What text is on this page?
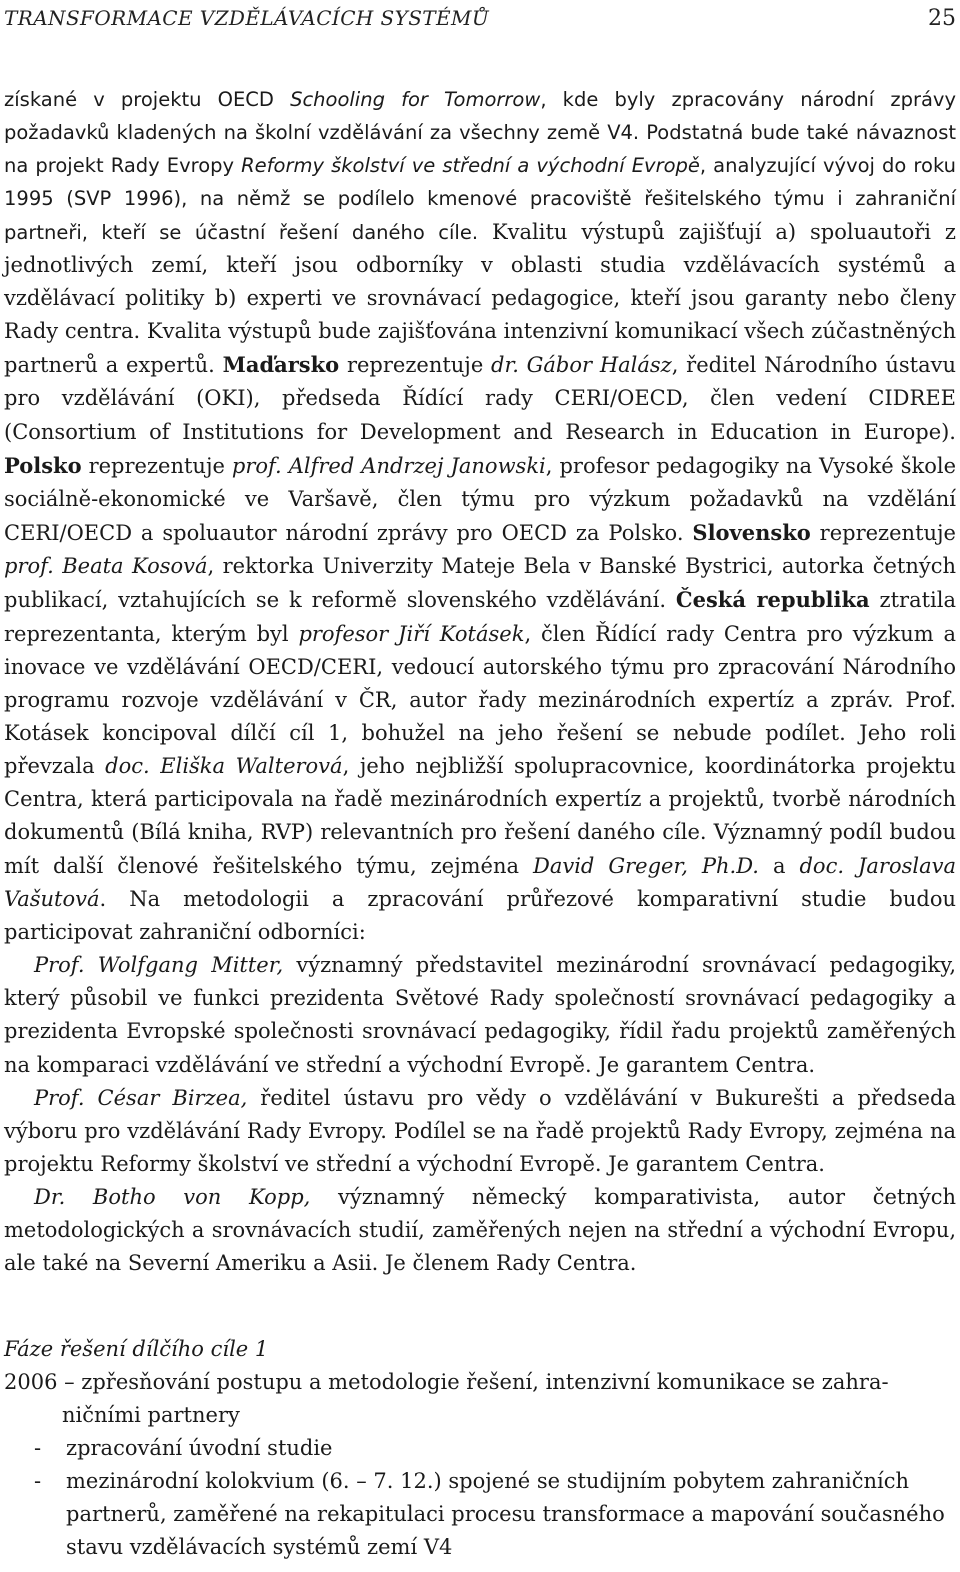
TRANSFORMACE VZDĚLÁVACÍCH SYSTÉMŮ	25

získané v projektu OECD Schooling for Tomorrow, kde byly zpracovány národní zprávy požadavků kladených na školní vzdělávání za všechny země V4. Podstatná bude také návaznost na projekt Rady Evropy Reformy školství ve střední a východní Evropě, analyzující vývoj do roku 1995 (SVP 1996), na němž se podílelo kmenové pracoviště řešitelského týmu i zahraniční partneři, kteří se účastní řešení daného cíle. Kvalitu výstupů zajišťují a) spoluautoři z jednotlivých zemí, kteří jsou odborníky v oblasti studia vzdělávacích systémů a vzdělávací politiky b) experti ve srovnávací pedagogice, kteří jsou garanty nebo členy Rady centra. Kvalita výstupů bude zajišťována intenzivní komunikací všech zúčastněných partnerů a expertů. Maďarsko reprezentuje dr. Gábor Halász, ředitel Národního ústavu pro vzdělávání (OKI), předseda Řídící rady CERI/OECD, člen vedení CIDREE (Consortium of Institutions for Development and Research in Education in Europe). Polsko reprezentuje prof. Alfred Andrzej Janowski, profesor pedagogiky na Vysoké škole sociálně-ekonomické ve Varšavě, člen týmu pro výzkum požadavků na vzdělání CERI/OECD a spoluautor národní zprávy pro OECD za Polsko. Slovensko reprezentuje prof. Beata Kosová, rektorka Univerzity Mateje Bela v Banské Bystrici, autorka četných publikací, vztahujících se k reformě slovenského vzdělávání. Česká republika ztratila reprezentanta, kterým byl profesor Jiří Kotásek, člen Řídící rady Centra pro výzkum a inovace ve vzdělávání OECD/CERI, vedoucí autorského týmu pro zpracování Národního programu rozvoje vzdělávání v ČR, autor řady mezinárodních expertíz a zpráv. Prof. Kotásek koncipoval dílčí cíl 1, bohužel na jeho řešení se nebude podílet. Jeho roli převzala doc. Eliška Walterová, jeho nejbližší spolupracovnice, koordinátorka projektu Centra, která participovala na řadě mezinárodních expertíz a projektů, tvorbě národních dokumentů (Bílá kniha, RVP) relevantních pro řešení daného cíle. Významný podíl budou mít další členové řešitelského týmu, zejména David Greger, Ph.D. a doc. Jaroslava Vašutová. Na metodologii a zpracování průřezové komparativní studie budou participovat zahraniční odborníci:

Prof. Wolfgang Mitter, významný představitel mezinárodní srovnávací pedagogiky, který působil ve funkci prezidenta Světové Rady společností srovnávací pedagogiky a prezidenta Evropské společnosti srovnávací pedagogiky, řídil řadu projektů zaměřených na komparaci vzdělávání ve střední a východní Evropě. Je garantem Centra.

Prof. César Birzea, ředitel ústavu pro vědy o vzdělávání v Bukurešti a předseda výboru pro vzdělávání Rady Evropy. Podílel se na řadě projektů Rady Evropy, zejména na projektu Reformy školství ve střední a východní Evropě. Je garantem Centra.

Dr. Botho von Kopp, významný německý komparativista, autor četných metodologických a srovnávacích studií, zaměřených nejen na střední a východní Evropu, ale také na Severní Ameriku a Asii. Je členem Rady Centra.

Fáze řešení dílčího cíle 1

2006 – zpřesňování postupu a metodologie řešení, intenzivní komunikace se zahra-

ničními partnery

- zpracování úvodní studie
- mezinárodní kolokvium (6. – 7. 12.) spojené se studijním pobytem zahraničních partnerů, zaměřené na rekapitulaci procesu transformace a mapování současného stavu vzdělávacích systémů zemí V4
